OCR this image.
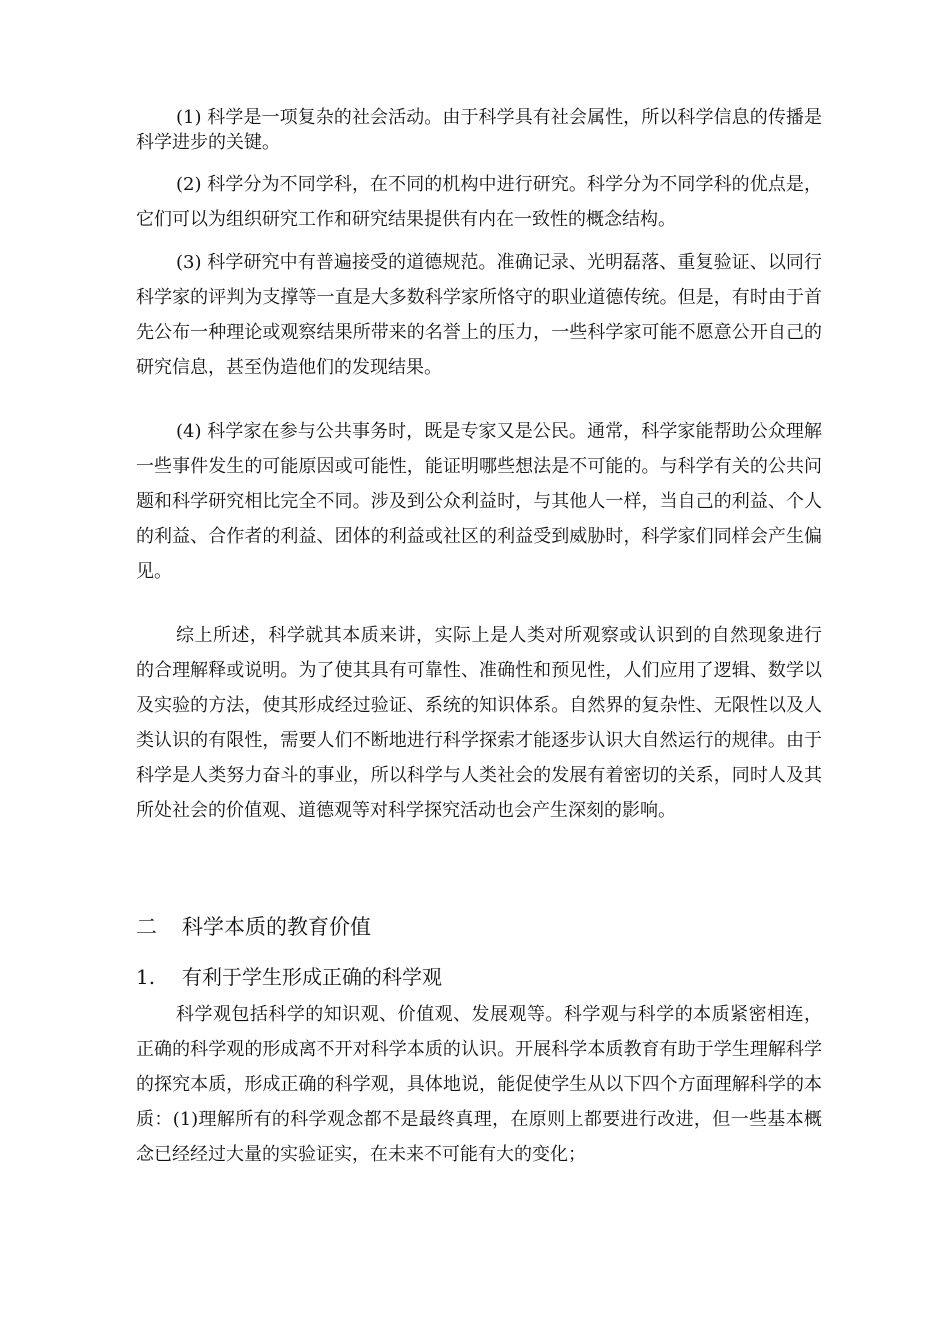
(1) 科学是一项复杂的社会活动。由于科学具有社会属性，所以科学信息的传播是科学进步的关键。

(2) 科学分为不同学科，在不同的机构中进行研究。科学分为不同学科的优点是，它们可以为组织研究工作和研究结果提供有内在一致性的概念结构。

(3) 科学研究中有普遍接受的道德规范。准确记录、光明磊落、重复验证、以同行科学家的评判为支撑等一直是大多数科学家所恪守的职业道德传统。但是，有时由于首先公布一种理论或观察结果所带来的名誉上的压力，一些科学家可能不愿意公开自己的研究信息，甚至伪造他们的发现结果。

(4) 科学家在参与公共事务时，既是专家又是公民。通常，科学家能帮助公众理解一些事件发生的可能原因或可能性，能证明哪些想法是不可能的。与科学有关的公共问题和科学研究相比完全不同。涉及到公众利益时，与其他人一样，当自己的利益、个人的利益、合作者的利益、团体的利益或社区的利益受到威胁时，科学家们同样会产生偏见。

综上所述，科学就其本质来讲，实际上是人类对所观察或认识到的自然现象进行的合理解释或说明。为了使其具有可靠性、准确性和预见性，人们应用了逻辑、数学以及实验的方法，使其形成经过验证、系统的知识体系。自然界的复杂性、无限性以及人类认识的有限性，需要人们不断地进行科学探索才能逐步认识大自然运行的规律。由于科学是人类努力奋斗的事业，所以科学与人类社会的发展有着密切的关系，同时人及其所处社会的价值观、道德观等对科学探究活动也会产生深刻的影响。

二 科学本质的教育价值
1. 有利于学生形成正确的科学观

科学观包括科学的知识观、价值观、发展观等。科学观与科学的本质紧密相连，正确的科学观的形成离不开对科学本质的认识。开展科学本质教育有助于学生理解科学的探究本质，形成正确的科学观，具体地说，能促使学生从以下四个方面理解科学的本质：(1)理解所有的科学观念都不是最终真理，在原则上都要进行改进，但一些基本概念已经经过大量的实验证实，在未来不可能有大的变化；
